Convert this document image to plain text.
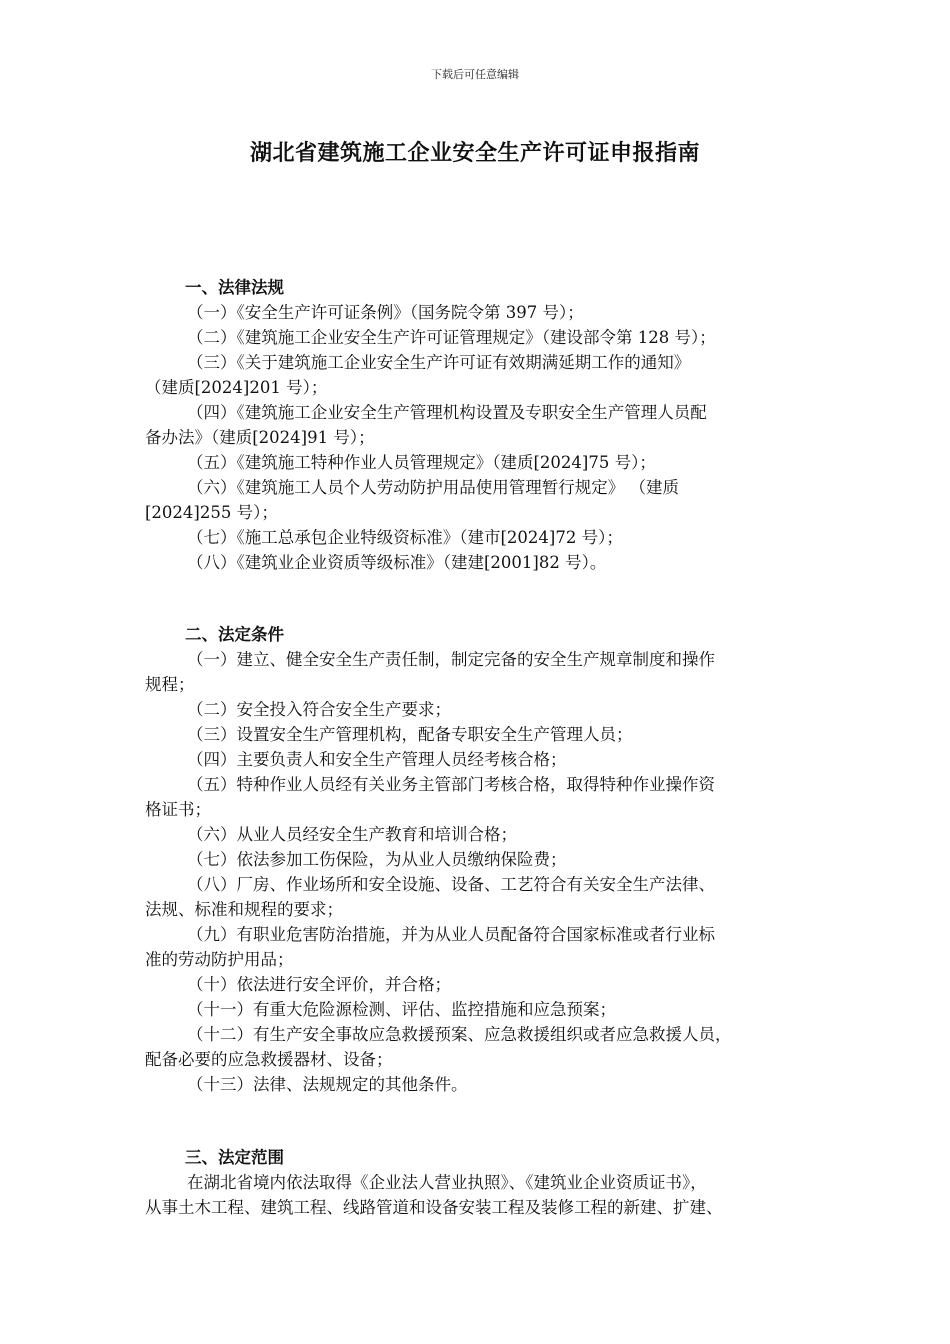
下载后可任意编辑
湖北省建筑施工企业安全生产许可证申报指南

一、法律法规

（一）《安全生产许可证条例》（国务院令第 397 号）；

（二）《建筑施工企业安全生产许可证管理规定》（建设部令第 128 号）；

（三）《关于建筑施工企业安全生产许可证有效期满延期工作的通知》
（建质[2024]201 号）；

（四）《建筑施工企业安全生产管理机构设置及专职安全生产管理人员配
备办法》（建质[2024]91 号）；

（五）《建筑施工特种作业人员管理规定》（建质[2024]75 号）；

（六）《建筑施工人员个人劳动防护用品使用管理暂行规定》 （建质
[2024]255 号）；

（七）《施工总承包企业特级资标准》（建市[2024]72 号）；

（八）《建筑业企业资质等级标准》（建建[2001]82 号）。

二、法定条件

（一）建立、健全安全生产责任制，制定完备的安全生产规章制度和操作
规程；

（二）安全投入符合安全生产要求；

（三）设置安全生产管理机构，配备专职安全生产管理人员；

（四）主要负责人和安全生产管理人员经考核合格；

（五）特种作业人员经有关业务主管部门考核合格，取得特种作业操作资
格证书；

（六）从业人员经安全生产教育和培训合格；

（七）依法参加工伤保险，为从业人员缴纳保险费；

（八）厂房、作业场所和安全设施、设备、工艺符合有关安全生产法律、
法规、标准和规程的要求；

（九）有职业危害防治措施，并为从业人员配备符合国家标准或者行业标
准的劳动防护用品；

（十）依法进行安全评价，并合格；

（十一）有重大危险源检测、评估、监控措施和应急预案；

（十二）有生产安全事故应急救援预案、应急救援组织或者应急救援人员，
配备必要的应急救援器材、设备；

（十三）法律、法规规定的其他条件。

三、法定范围

在湖北省境内依法取得《企业法人营业执照》、《建筑业企业资质证书》，
从事土木工程、建筑工程、线路管道和设备安装工程及装修工程的新建、扩建、
